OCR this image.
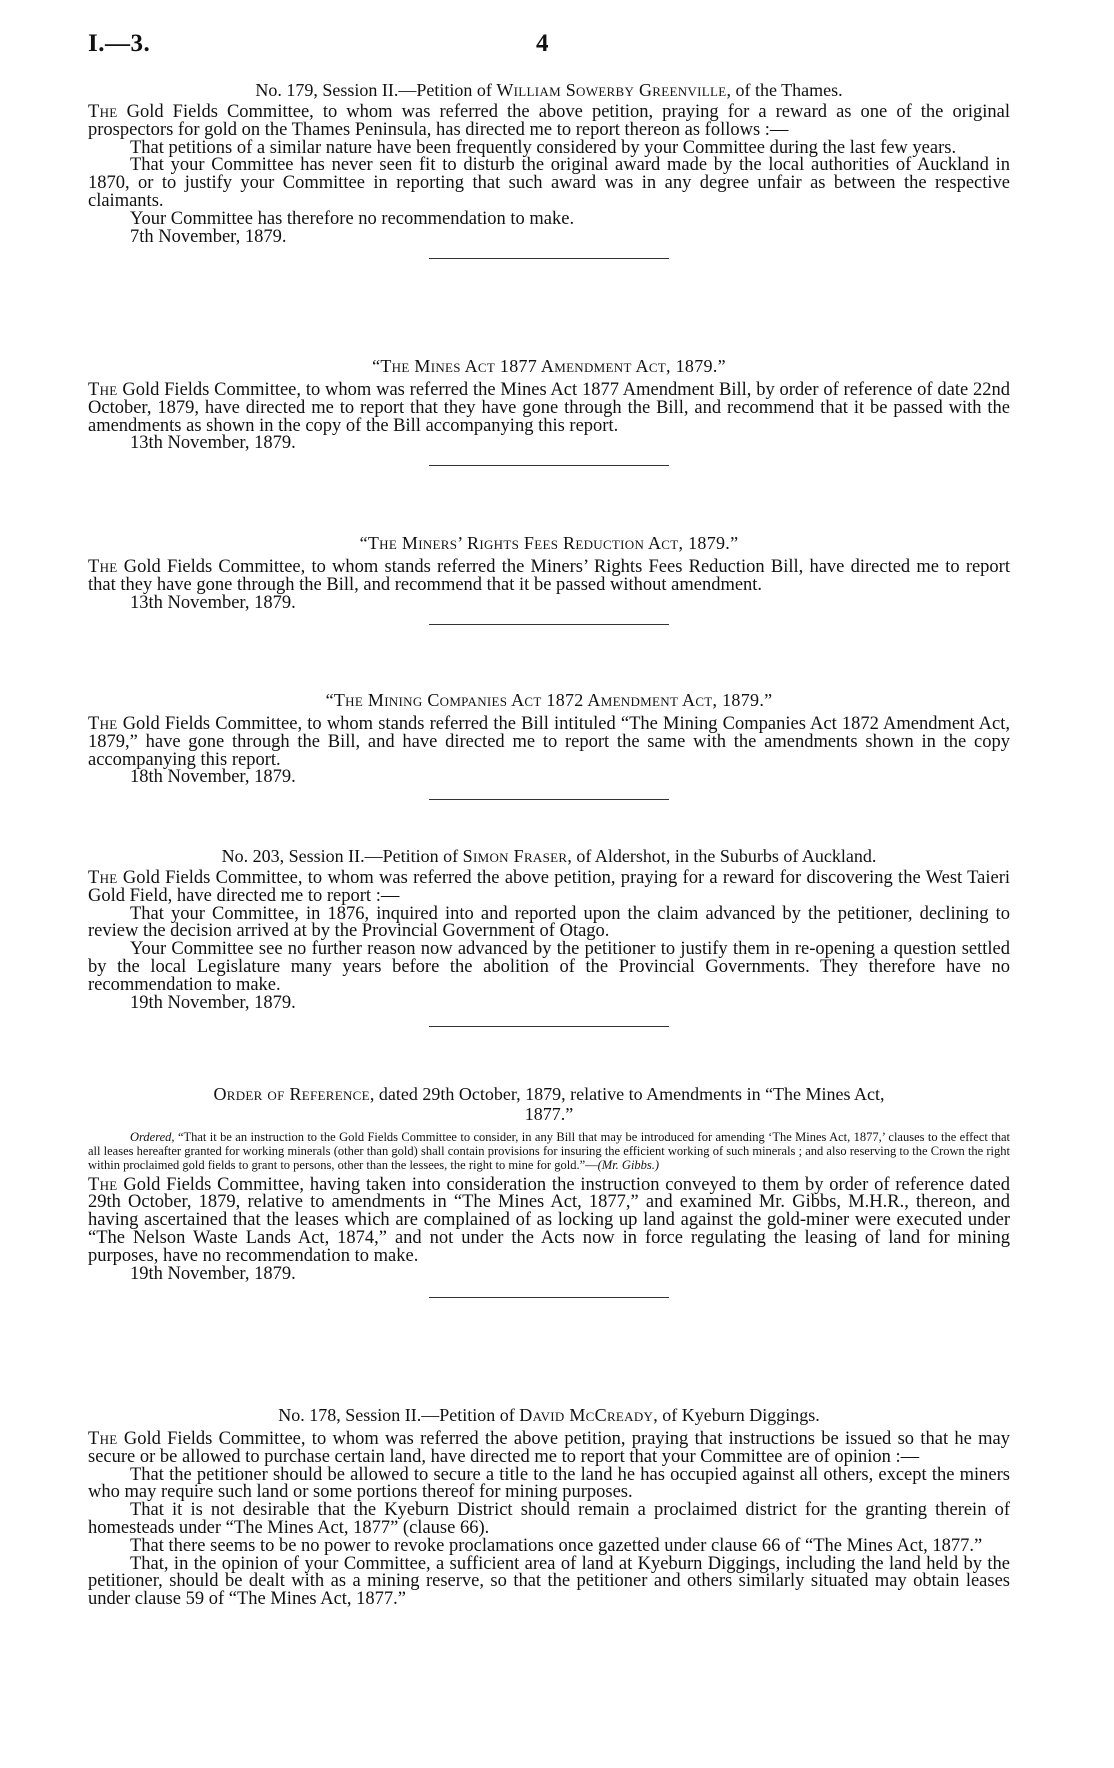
I.—3.	4
No. 179, Session II.—Petition of William Sowerby Greenville, of the Thames.

The Gold Fields Committee, to whom was referred the above petition, praying for a reward as one of the original prospectors for gold on the Thames Peninsula, has directed me to report thereon as follows :—

That petitions of a similar nature have been frequently considered by your Committee during the last few years.

That your Committee has never seen fit to disturb the original award made by the local authorities of Auckland in 1870, or to justify your Committee in reporting that such award was in any degree unfair as between the respective claimants.

Your Committee has therefore no recommendation to make.

7th November, 1879.

“The Mines Act 1877 Amendment Act, 1879.”

The Gold Fields Committee, to whom was referred the Mines Act 1877 Amendment Bill, by order of reference of date 22nd October, 1879, have directed me to report that they have gone through the Bill, and recommend that it be passed with the amendments as shown in the copy of the Bill accompanying this report.

13th November, 1879.

“The Miners’ Rights Fees Reduction Act, 1879.”

The Gold Fields Committee, to whom stands referred the Miners’ Rights Fees Reduction Bill, have directed me to report that they have gone through the Bill, and recommend that it be passed without amendment.

13th November, 1879.

“The Mining Companies Act 1872 Amendment Act, 1879.”

The Gold Fields Committee, to whom stands referred the Bill intituled “The Mining Companies Act 1872 Amendment Act, 1879,” have gone through the Bill, and have directed me to report the same with the amendments shown in the copy accompanying this report.

18th November, 1879.

No. 203, Session II.—Petition of Simon Fraser, of Aldershot, in the Suburbs of Auckland.

The Gold Fields Committee, to whom was referred the above petition, praying for a reward for discovering the West Taieri Gold Field, have directed me to report :—

That your Committee, in 1876, inquired into and reported upon the claim advanced by the petitioner, declining to review the decision arrived at by the Provincial Government of Otago.

Your Committee see no further reason now advanced by the petitioner to justify them in re-opening a question settled by the local Legislature many years before the abolition of the Provincial Governments. They therefore have no recommendation to make.

19th November, 1879.

Order of Reference, dated 29th October, 1879, relative to Amendments in “The Mines Act, 1877.”

Ordered, “That it be an instruction to the Gold Fields Committee to consider, in any Bill that may be introduced for amending ‘The Mines Act, 1877,’ clauses to the effect that all leases hereafter granted for working minerals (other than gold) shall contain provisions for insuring the efficient working of such minerals ; and also reserving to the Crown the right within proclaimed gold fields to grant to persons, other than the lessees, the right to mine for gold.”—(Mr. Gibbs.)

The Gold Fields Committee, having taken into consideration the instruction conveyed to them by order of reference dated 29th October, 1879, relative to amendments in “The Mines Act, 1877,” and examined Mr. Gibbs, M.H.R., thereon, and having ascertained that the leases which are complained of as locking up land against the gold-miner were executed under “The Nelson Waste Lands Act, 1874,” and not under the Acts now in force regulating the leasing of land for mining purposes, have no recommendation to make.

19th November, 1879.

No. 178, Session II.—Petition of David McCready, of Kyeburn Diggings.

The Gold Fields Committee, to whom was referred the above petition, praying that instructions be issued so that he may secure or be allowed to purchase certain land, have directed me to report that your Committee are of opinion :—

That the petitioner should be allowed to secure a title to the land he has occupied against all others, except the miners who may require such land or some portions thereof for mining purposes.

That it is not desirable that the Kyeburn District should remain a proclaimed district for the granting therein of homesteads under “The Mines Act, 1877” (clause 66).

That there seems to be no power to revoke proclamations once gazetted under clause 66 of “The Mines Act, 1877.”

That, in the opinion of your Committee, a sufficient area of land at Kyeburn Diggings, including the land held by the petitioner, should be dealt with as a mining reserve, so that the petitioner and others similarly situated may obtain leases under clause 59 of “The Mines Act, 1877.”
